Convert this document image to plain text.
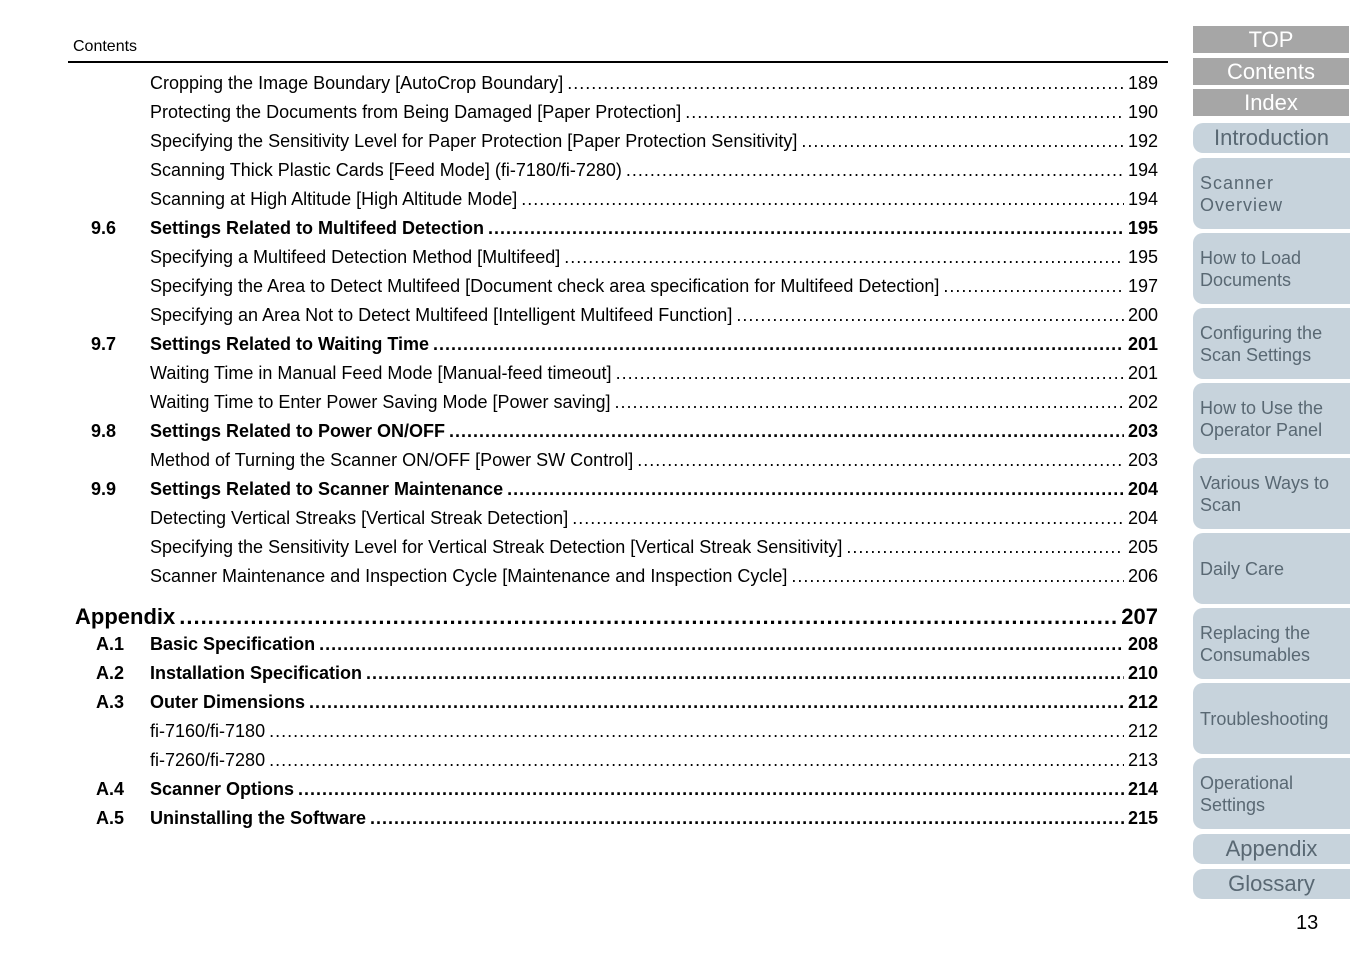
Contents
Cropping the Image Boundary [AutoCrop Boundary] .....	189
Protecting the Documents from Being Damaged [Paper Protection] .....	190
Specifying the Sensitivity Level for Paper Protection [Paper Protection Sensitivity] .....	192
Scanning Thick Plastic Cards [Feed Mode] (fi-7180/fi-7280) .....	194
Scanning at High Altitude [High Altitude Mode] .....	194
9.6	Settings Related to Multifeed Detection .....	195
Specifying a Multifeed Detection Method [Multifeed] .....	195
Specifying the Area to Detect Multifeed [Document check area specification for Multifeed Detection] .....	197
Specifying an Area Not to Detect Multifeed [Intelligent Multifeed Function] .....	200
9.7	Settings Related to Waiting Time .....	201
Waiting Time in Manual Feed Mode [Manual-feed timeout] .....	201
Waiting Time to Enter Power Saving Mode [Power saving] .....	202
9.8	Settings Related to Power ON/OFF .....	203
Method of Turning the Scanner ON/OFF [Power SW Control] .....	203
9.9	Settings Related to Scanner Maintenance .....	204
Detecting Vertical Streaks [Vertical Streak Detection] .....	204
Specifying the Sensitivity Level for Vertical Streak Detection [Vertical Streak Sensitivity] .....	205
Scanner Maintenance and Inspection Cycle [Maintenance and Inspection Cycle] .....	206
Appendix .....	207
A.1	Basic Specification .....	208
A.2	Installation Specification .....	210
A.3	Outer Dimensions .....	212
fi-7160/fi-7180 .....	212
fi-7260/fi-7280 .....	213
A.4	Scanner Options .....	214
A.5	Uninstalling the Software .....	215
TOP
Contents
Index
Introduction
Scanner
Overview
How to Load
Documents
Configuring the
Scan Settings
How to Use the
Operator Panel
Various Ways to
Scan
Daily Care
Replacing the
Consumables
Troubleshooting
Operational
Settings
Appendix
Glossary
13
